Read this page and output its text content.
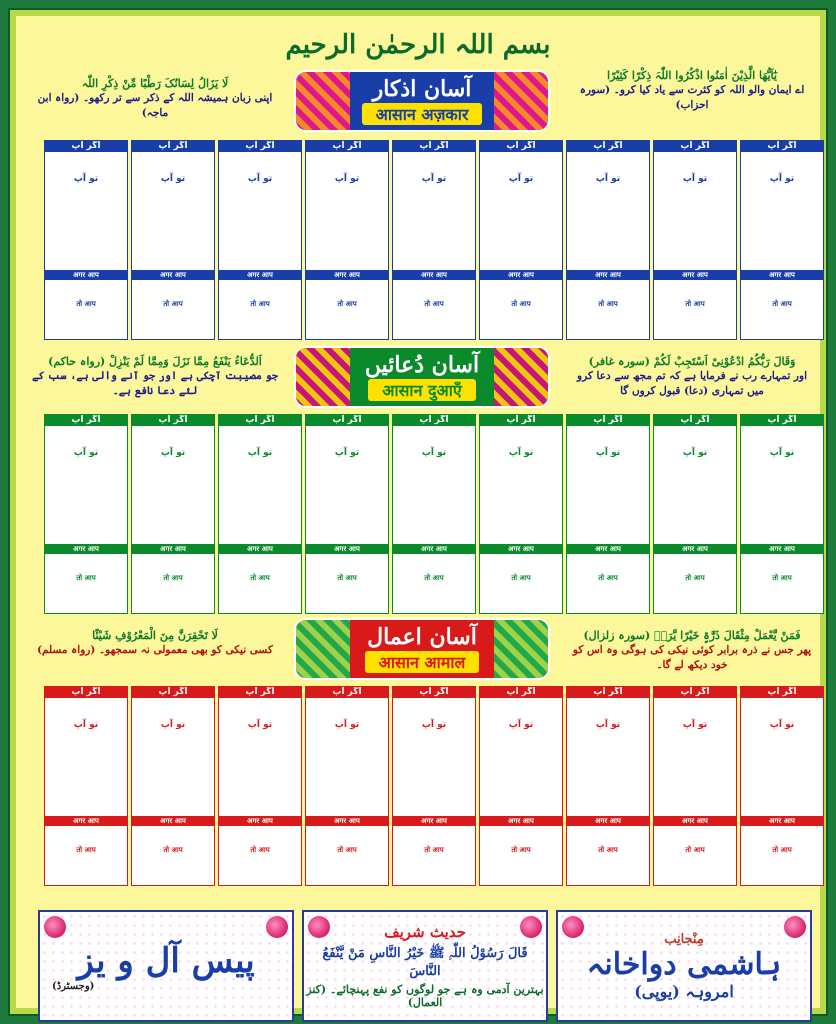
بسم اللہ الرحمٰن الرحیم
یٰٓاَیُّھَا الَّذِیْنَ اٰمَنُوا اذْکُرُوا اللّٰہَ ذِکْرًا کَثِیْرًا
اے ایمان والو اللہ کو کثرت سے یاد کیا کرو۔ (سورہ احزاب)
آسان اذکار
आसान अज़कार
لَا یَزَالُ لِسَانُکَ رَطْبًا مِّنْ ذِکْرِ اللّٰہ
اپنی زبان ہمیشہ اللہ کے ذکر سے تر رکھو۔ (رواہ ابن ماجہ)
اگر آپ
تو آپ
अगर आप
तो आप
اگر آپ
تو آپ
अगर आप
तो आप
اگر آپ
تو آپ
अगर आप
तो आप
اگر آپ
تو آپ
अगर आप
तो आप
اگر آپ
تو آپ
अगर आप
तो आप
اگر آپ
تو آپ
अगर आप
तो आप
اگر آپ
تو آپ
अगर आप
तो आप
اگر آپ
تو آپ
अगर आप
तो आप
اگر آپ
تو آپ
अगर आप
तो आप
وَقَالَ رَبُّکُمُ ادْعُوْنِیْ اَسْتَجِبْ لَکُمْ (سورہ غافر)
اور تمہارے رب نے فرمایا ہے کہ تم مجھ سے دعا کرو میں تمہاری (دعا) قبول کروں گا
آسان دُعائیں
आसान दुआएँ
اَلدُّعَاءُ یَنْفَعُ مِمَّا نَزَلَ وَمِمَّا لَمْ یَنْزِلْ (رواہ حاکم)
جو مصیبت آچکی ہے اور جو آنے والی ہے، سب کے لئے دعا نافع ہے۔
اگر آپ
تو آپ
अगर आप
तो आप
اگر آپ
تو آپ
अगर आप
तो आप
اگر آپ
تو آپ
अगर आप
तो आप
اگر آپ
تو آپ
अगर आप
तो आप
اگر آپ
تو آپ
अगर आप
तो आप
اگر آپ
تو آپ
अगर आप
तो आप
اگر آپ
تو آپ
अगर आप
तो आप
اگر آپ
تو آپ
अगर आप
तो आप
اگر آپ
تو آپ
अगर आप
तो आप
فَمَنْ یَّعْمَلْ مِثْقَالَ ذَرَّۃٍ خَیْرًا یَّرَہٗ (سورہ زلزال)
پھر جس نے ذرہ برابر کوئی نیکی کی ہوگی وہ اس کو خود دیکھ لے گا۔
آسان اعمال
आसान आमाल
لَا تَحْقِرَنَّ مِنَ الْمَعْرُوْفِ شَیْئًا
کسی نیکی کو بھی معمولی نہ سمجھو۔ (رواہ مسلم)
اگر آپ
تو آپ
अगर आप
तो आप
اگر آپ
تو آپ
अगर आप
तो आप
اگر آپ
تو آپ
अगर आप
तो आप
اگر آپ
تو آپ
अगर आप
तो आप
اگر آپ
تو آپ
अगर आप
तो आप
اگر آپ
تو آپ
अगर आप
तो आप
اگر آپ
تو آپ
अगर आप
तो आप
اگر آپ
تو آپ
अगर आप
तो आप
اگر آپ
تو آپ
अगर आप
तो आप
مِنْجانِب
ہاشمی دواخانہ
امروہہ (یوپی)
حدیث شریف
قَالَ رَسُوْلُ اللّٰہِ ﷺ خَیْرُ النَّاسِ مَنْ یَّنْفَعُ النَّاسَ
بہترین آدمی وہ ہے جو لوگوں کو نفع پہنچائے۔ (کنز العمال)
پیس آل و یز
(وجسٹرڈ)
